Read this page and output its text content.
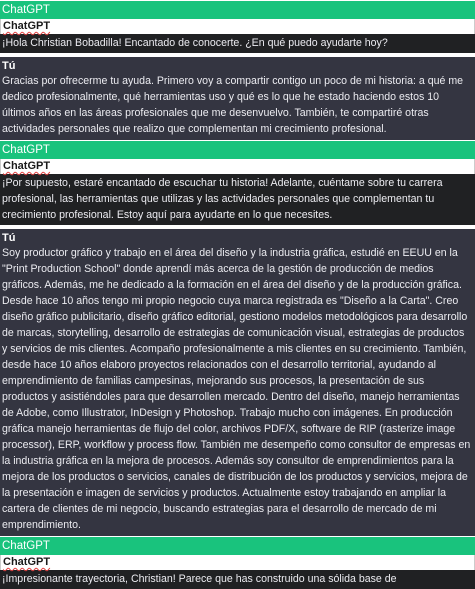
ChatGPT
ChatGPT

¡Hola Christian Bobadilla! Encantado de conocerte. ¿En qué puedo ayudarte hoy?

Tú

Gracias por ofrecerme tu ayuda. Primero voy a compartir contigo un poco de mi historia: a qué me dedico profesionalmente, qué herramientas uso y qué es lo que he estado haciendo estos 10 últimos años en las áreas profesionales que me desenvuelvo. También, te compartiré otras actividades personales que realizo que complementan mi crecimiento profesional.

ChatGPT
ChatGPT

¡Por supuesto, estaré encantado de escuchar tu historia! Adelante, cuéntame sobre tu carrera profesional, las herramientas que utilizas y las actividades personales que complementan tu crecimiento profesional. Estoy aquí para ayudarte en lo que necesites.

Tú

Soy productor gráfico y trabajo en el área del diseño y la industria gráfica, estudié en EEUU en la "Print Production School" donde aprendí más acerca de la gestión de producción de medios gráficos. Además, me he dedicado a la formación en el área del diseño y de la producción gráfica. Desde hace 10 años tengo mi propio negocio cuya marca registrada es "Diseño a la Carta". Creo diseño gráfico publicitario, diseño gráfico editorial, gestiono modelos metodológicos para desarrollo de marcas, storytelling, desarrollo de estrategias de comunicación visual, estrategias de productos y servicios de mis clientes. Acompaño profesionalmente a mis clientes en su crecimiento. También, desde hace 10 años elaboro proyectos relacionados con el desarrollo territorial, ayudando al emprendimiento de familias campesinas, mejorando sus procesos, la presentación de sus productos y asistiéndoles para que desarrollen mercado. Dentro del diseño, manejo herramientas de Adobe, como Illustrator, InDesign y Photoshop. Trabajo mucho con imágenes. En producción gráfica manejo herramientas de flujo del color, archivos PDF/X, software de RIP (rasterize image processor), ERP, workflow y process flow. También me desempeño como consultor de empresas en la industria gráfica en la mejora de procesos. Además soy consultor de emprendimientos para la mejora de los productos o servicios, canales de distribución de los productos y servicios, mejora de la presentación e imagen de servicios y productos. Actualmente estoy trabajando en ampliar la cartera de clientes de mi negocio, buscando estrategias para el desarrollo de mercado de mi emprendimiento.

ChatGPT
ChatGPT

¡Impresionante trayectoria, Christian! Parece que has construido una sólida base de
